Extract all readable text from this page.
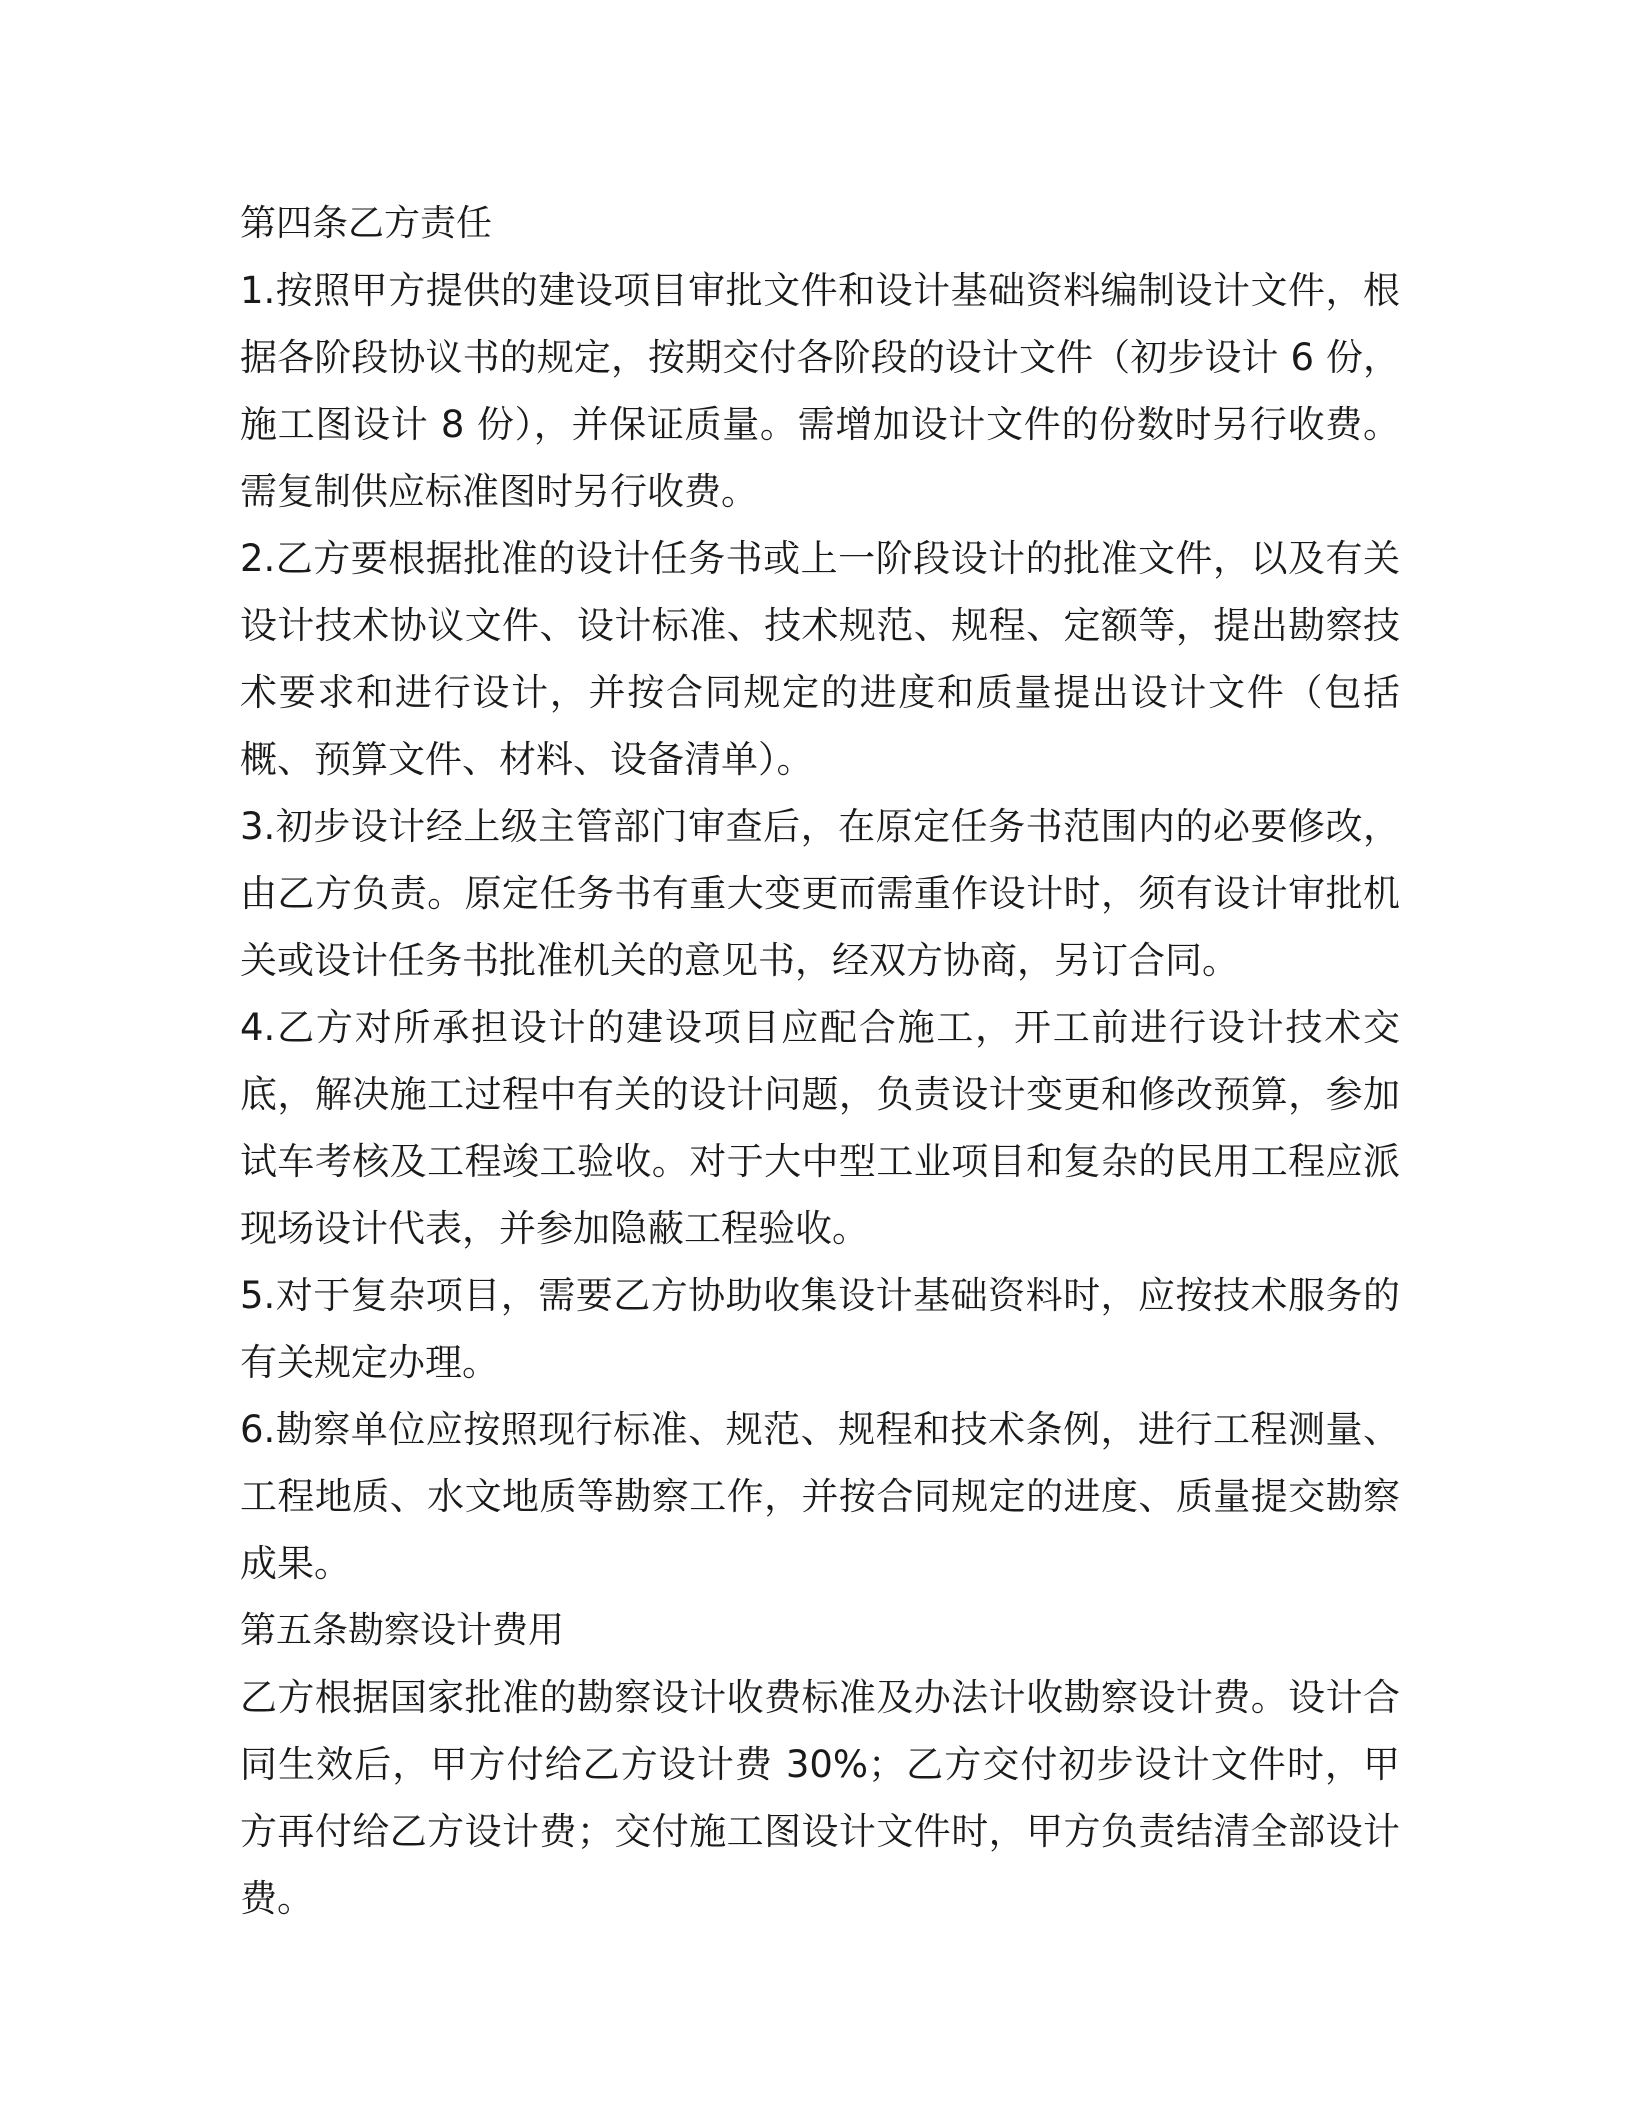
第四条乙方责任

1.按照甲方提供的建设项目审批文件和设计基础资料编制设计文件，根据各阶段协议书的规定，按期交付各阶段的设计文件（初步设计 6 份，施工图设计 8 份），并保证质量。需增加设计文件的份数时另行收费。需复制供应标准图时另行收费。

2.乙方要根据批准的设计任务书或上一阶段设计的批准文件，以及有关设计技术协议文件、设计标准、技术规范、规程、定额等，提出勘察技术要求和进行设计，并按合同规定的进度和质量提出设计文件（包括概、预算文件、材料、设备清单）。

3.初步设计经上级主管部门审查后，在原定任务书范围内的必要修改，由乙方负责。原定任务书有重大变更而需重作设计时，须有设计审批机关或设计任务书批准机关的意见书，经双方协商，另订合同。

4.乙方对所承担设计的建设项目应配合施工，开工前进行设计技术交底，解决施工过程中有关的设计问题，负责设计变更和修改预算，参加试车考核及工程竣工验收。对于大中型工业项目和复杂的民用工程应派现场设计代表，并参加隐蔽工程验收。

5.对于复杂项目，需要乙方协助收集设计基础资料时，应按技术服务的有关规定办理。

6.勘察单位应按照现行标准、规范、规程和技术条例，进行工程测量、工程地质、水文地质等勘察工作，并按合同规定的进度、质量提交勘察成果。

第五条勘察设计费用

乙方根据国家批准的勘察设计收费标准及办法计收勘察设计费。设计合同生效后，甲方付给乙方设计费 30%；乙方交付初步设计文件时，甲方再付给乙方设计费；交付施工图设计文件时，甲方负责结清全部设计费。
